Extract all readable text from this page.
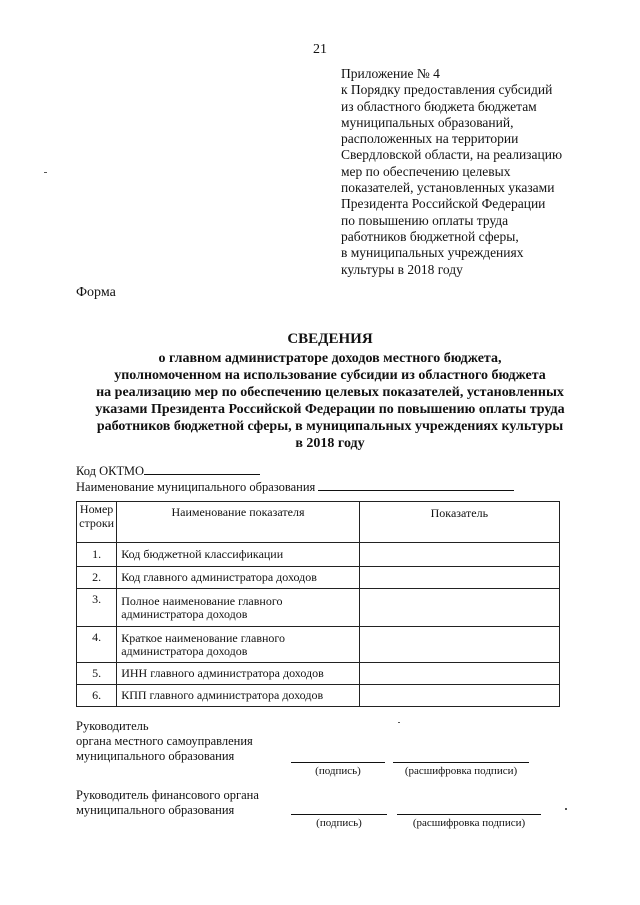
21
Приложение № 4
к Порядку предоставления субсидий
из областного бюджета бюджетам
муниципальных образований,
расположенных на территории
Свердловской области, на реализацию
мер по обеспечению целевых
показателей, установленных указами
Президента Российской Федерации
по повышению оплаты труда
работников бюджетной сферы,
в муниципальных учреждениях
культуры в 2018 году
Форма
СВЕДЕНИЯ
о главном администраторе доходов местного бюджета,
уполномоченном на использование субсидии из областного бюджета
на реализацию мер по обеспечению целевых показателей, установленных
указами Президента Российской Федерации по повышению оплаты труда
работников бюджетной сферы, в муниципальных учреждениях культуры
в 2018 году
Код ОКТМО
Наименование муниципального образования
Номер
строки	Наименование показателя	Показатель
1.	Код бюджетной классификации	
2.	Код главного администратора доходов	
3.	Полное наименование главного администратора доходов	
4.	Краткое наименование главного администратора доходов	
5.	ИНН главного администратора доходов	
6.	КПП главного администратора доходов	
Руководитель
органа местного самоуправления
муниципального образования
(подпись)	(расшифровка подписи)
Руководитель финансового органа
муниципального образования
(подпись)	(расшифровка подписи)
